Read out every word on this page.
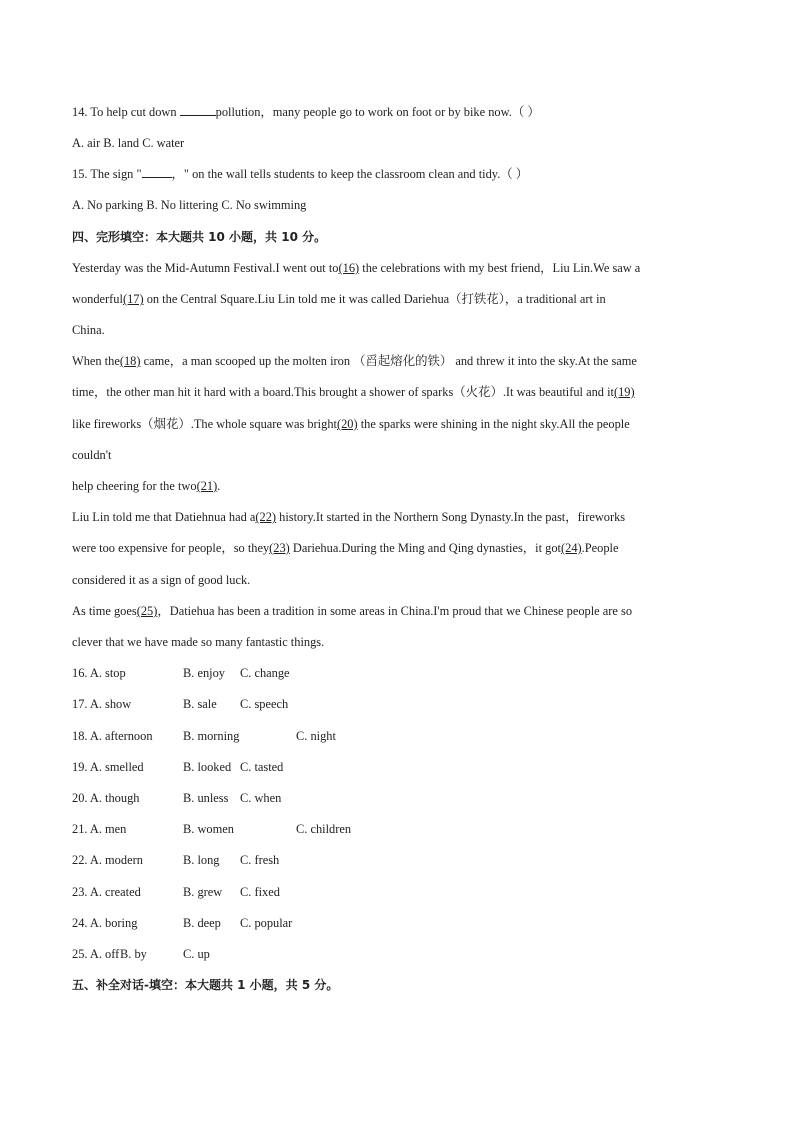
14. To help cut down	pollution，many people go to work on foot or by bike now.（ ）
A. air B. land C. water
15. The sign " ，" on the wall tells students to keep the classroom clean and tidy.（ ）
A. No parking B. No littering C. No swimming
四、完形填空：本大题共 10 小题，共 10 分。
Yesterday was the Mid-Autumn Festival.I went out to(16) the celebrations with my best friend，Liu Lin.We saw a
wonderful(17) on the Central Square.Liu Lin told me it was called Dariehua（打铁花），a traditional art in
China.
When the(18) came，a man scooped up the molten iron （舀起熔化的铁） and threw it into the sky.At the same
time，the other man hit it hard with a board.This brought a shower of sparks（火花）.It was beautiful and it(19)
like fireworks（烟花）.The whole square was bright(20) the sparks were shining in the night sky.All the people
couldn't
help cheering for the two(21).
Liu Lin told me that Datiehnua had a(22) history.It started in the Northern Song Dynasty.In the past，fireworks
were too expensive for people，so they(23) Dariehua.During the Ming and Qing dynasties，it got(24).People
considered it as a sign of good luck.
As time goes(25)，Datiehua has been a tradition in some areas in China.I'm proud that we Chinese people are so
clever that we have made so many fantastic things.
16. A. stop	B. enjoy C. change
17. A. show	B. sale C. speech
18. A. afternoon B. morning	C. night
19. A. smelled	B. looked C. tasted
20. A. though	B. unless C. when
21. A. men	B. women	C. children
22. A. modern	B. long C. fresh
23. A. created	B. grew C. fixed
24. A. boring	B. deep C. popular
25. A. off B. by	C. up
五、补全对话-填空：本大题共 1 小题，共 5 分。
